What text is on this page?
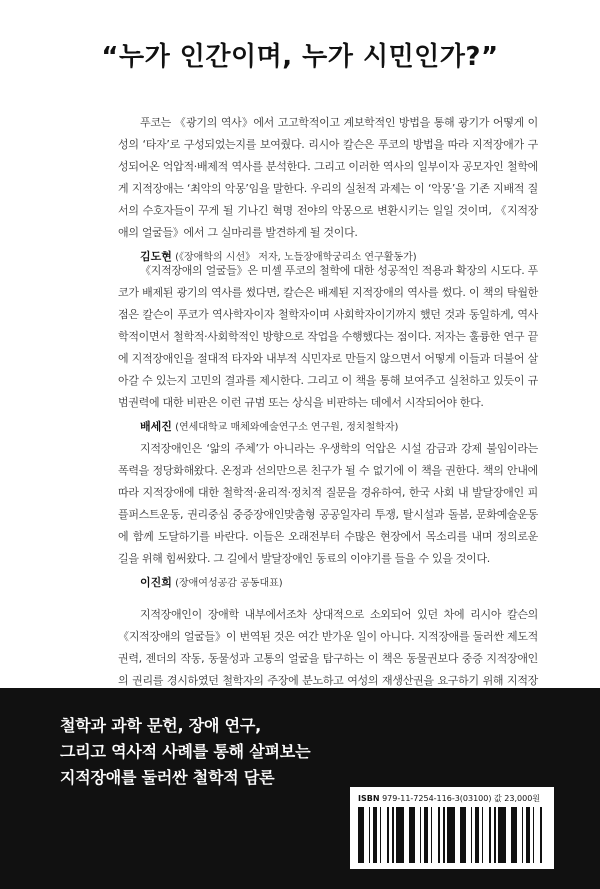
“누가 인간이며, 누가 시민인가?”

푸코는 《광기의 역사》에서 고고학적이고 계보학적인 방법을 통해 광기가 어떻게 이성의 ‘타자’로 구성되었는지를 보여줬다. 리시아 칼슨은 푸코의 방법을 따라 지적장애가 구성되어온 억압적·배제적 역사를 분석한다. 그리고 이러한 역사의 일부이자 공모자인 철학에게 지적장애는 ‘최악의 악몽’임을 말한다. 우리의 실천적 과제는 이 ‘악몽’을 기존 지배적 질서의 수호자들이 꾸게 될 기나긴 혁명 전야의 악몽으로 변환시키는 일일 것이며, 《지적장애의 얼굴들》에서 그 실마리를 발견하게 될 것이다.

김도현 (《장애학의 시선》 저자, 노들장애학궁리소 연구활동가)

《지적장애의 얼굴들》은 미셸 푸코의 철학에 대한 성공적인 적용과 확장의 시도다. 푸코가 배제된 광기의 역사를 썼다면, 칼슨은 배제된 지적장애의 역사를 썼다. 이 책의 탁월한 점은 칼슨이 푸코가 역사학자이자 철학자이며 사회학자이기까지 했던 것과 동일하게, 역사학적이면서 철학적·사회학적인 방향으로 작업을 수행했다는 점이다. 저자는 훌륭한 연구 끝에 지적장애인을 절대적 타자와 내부적 식민자로 만들지 않으면서 어떻게 이들과 더불어 살아갈 수 있는지 고민의 결과를 제시한다. 그리고 이 책을 통해 보여주고 실천하고 있듯이 규범권력에 대한 비판은 이런 규범 또는 상식을 비판하는 데에서 시작되어야 한다.

배세진 (연세대학교 매체와예술연구소 연구원, 정치철학자)

지적장애인은 ‘앎의 주체’가 아니라는 우생학의 억압은 시설 감금과 강제 불임이라는 폭력을 정당화해왔다. 온정과 선의만으론 친구가 될 수 없기에 이 책을 권한다. 책의 안내에 따라 지적장애에 대한 철학적·윤리적·정치적 질문을 경유하여, 한국 사회 내 발달장애인 피플퍼스트운동, 권리중심 중증장애인맞춤형 공공일자리 투쟁, 탈시설과 돌봄, 문화예술운동에 함께 도달하기를 바란다. 이들은 오래전부터 수많은 현장에서 목소리를 내며 정의로운 길을 위해 힘써왔다. 그 길에서 발달장애인 동료의 이야기를 들을 수 있을 것이다.

이진희 (장애여성공감 공동대표)

지적장애인이 장애학 내부에서조차 상대적으로 소외되어 있던 차에 리시아 칼슨의 《지적장애의 얼굴들》이 번역된 것은 여간 반가운 일이 아니다. 지적장애를 둘러싼 제도적 권력, 젠더의 작동, 동물성과 고통의 얼굴을 탐구하는 이 책은 동물권보다 중증 지적장애인의 권리를 경시하였던 철학자의 주장에 분노하고 여성의 재생산권을 요구하기 위해 지적장

철학과 과학 문헌, 장애 연구,
그리고 역사적 사례를 통해 살펴보는
지적장애를 둘러싼 철학적 담론
ISBN 979-11-7254-116-3(03100) 값 23,000원
